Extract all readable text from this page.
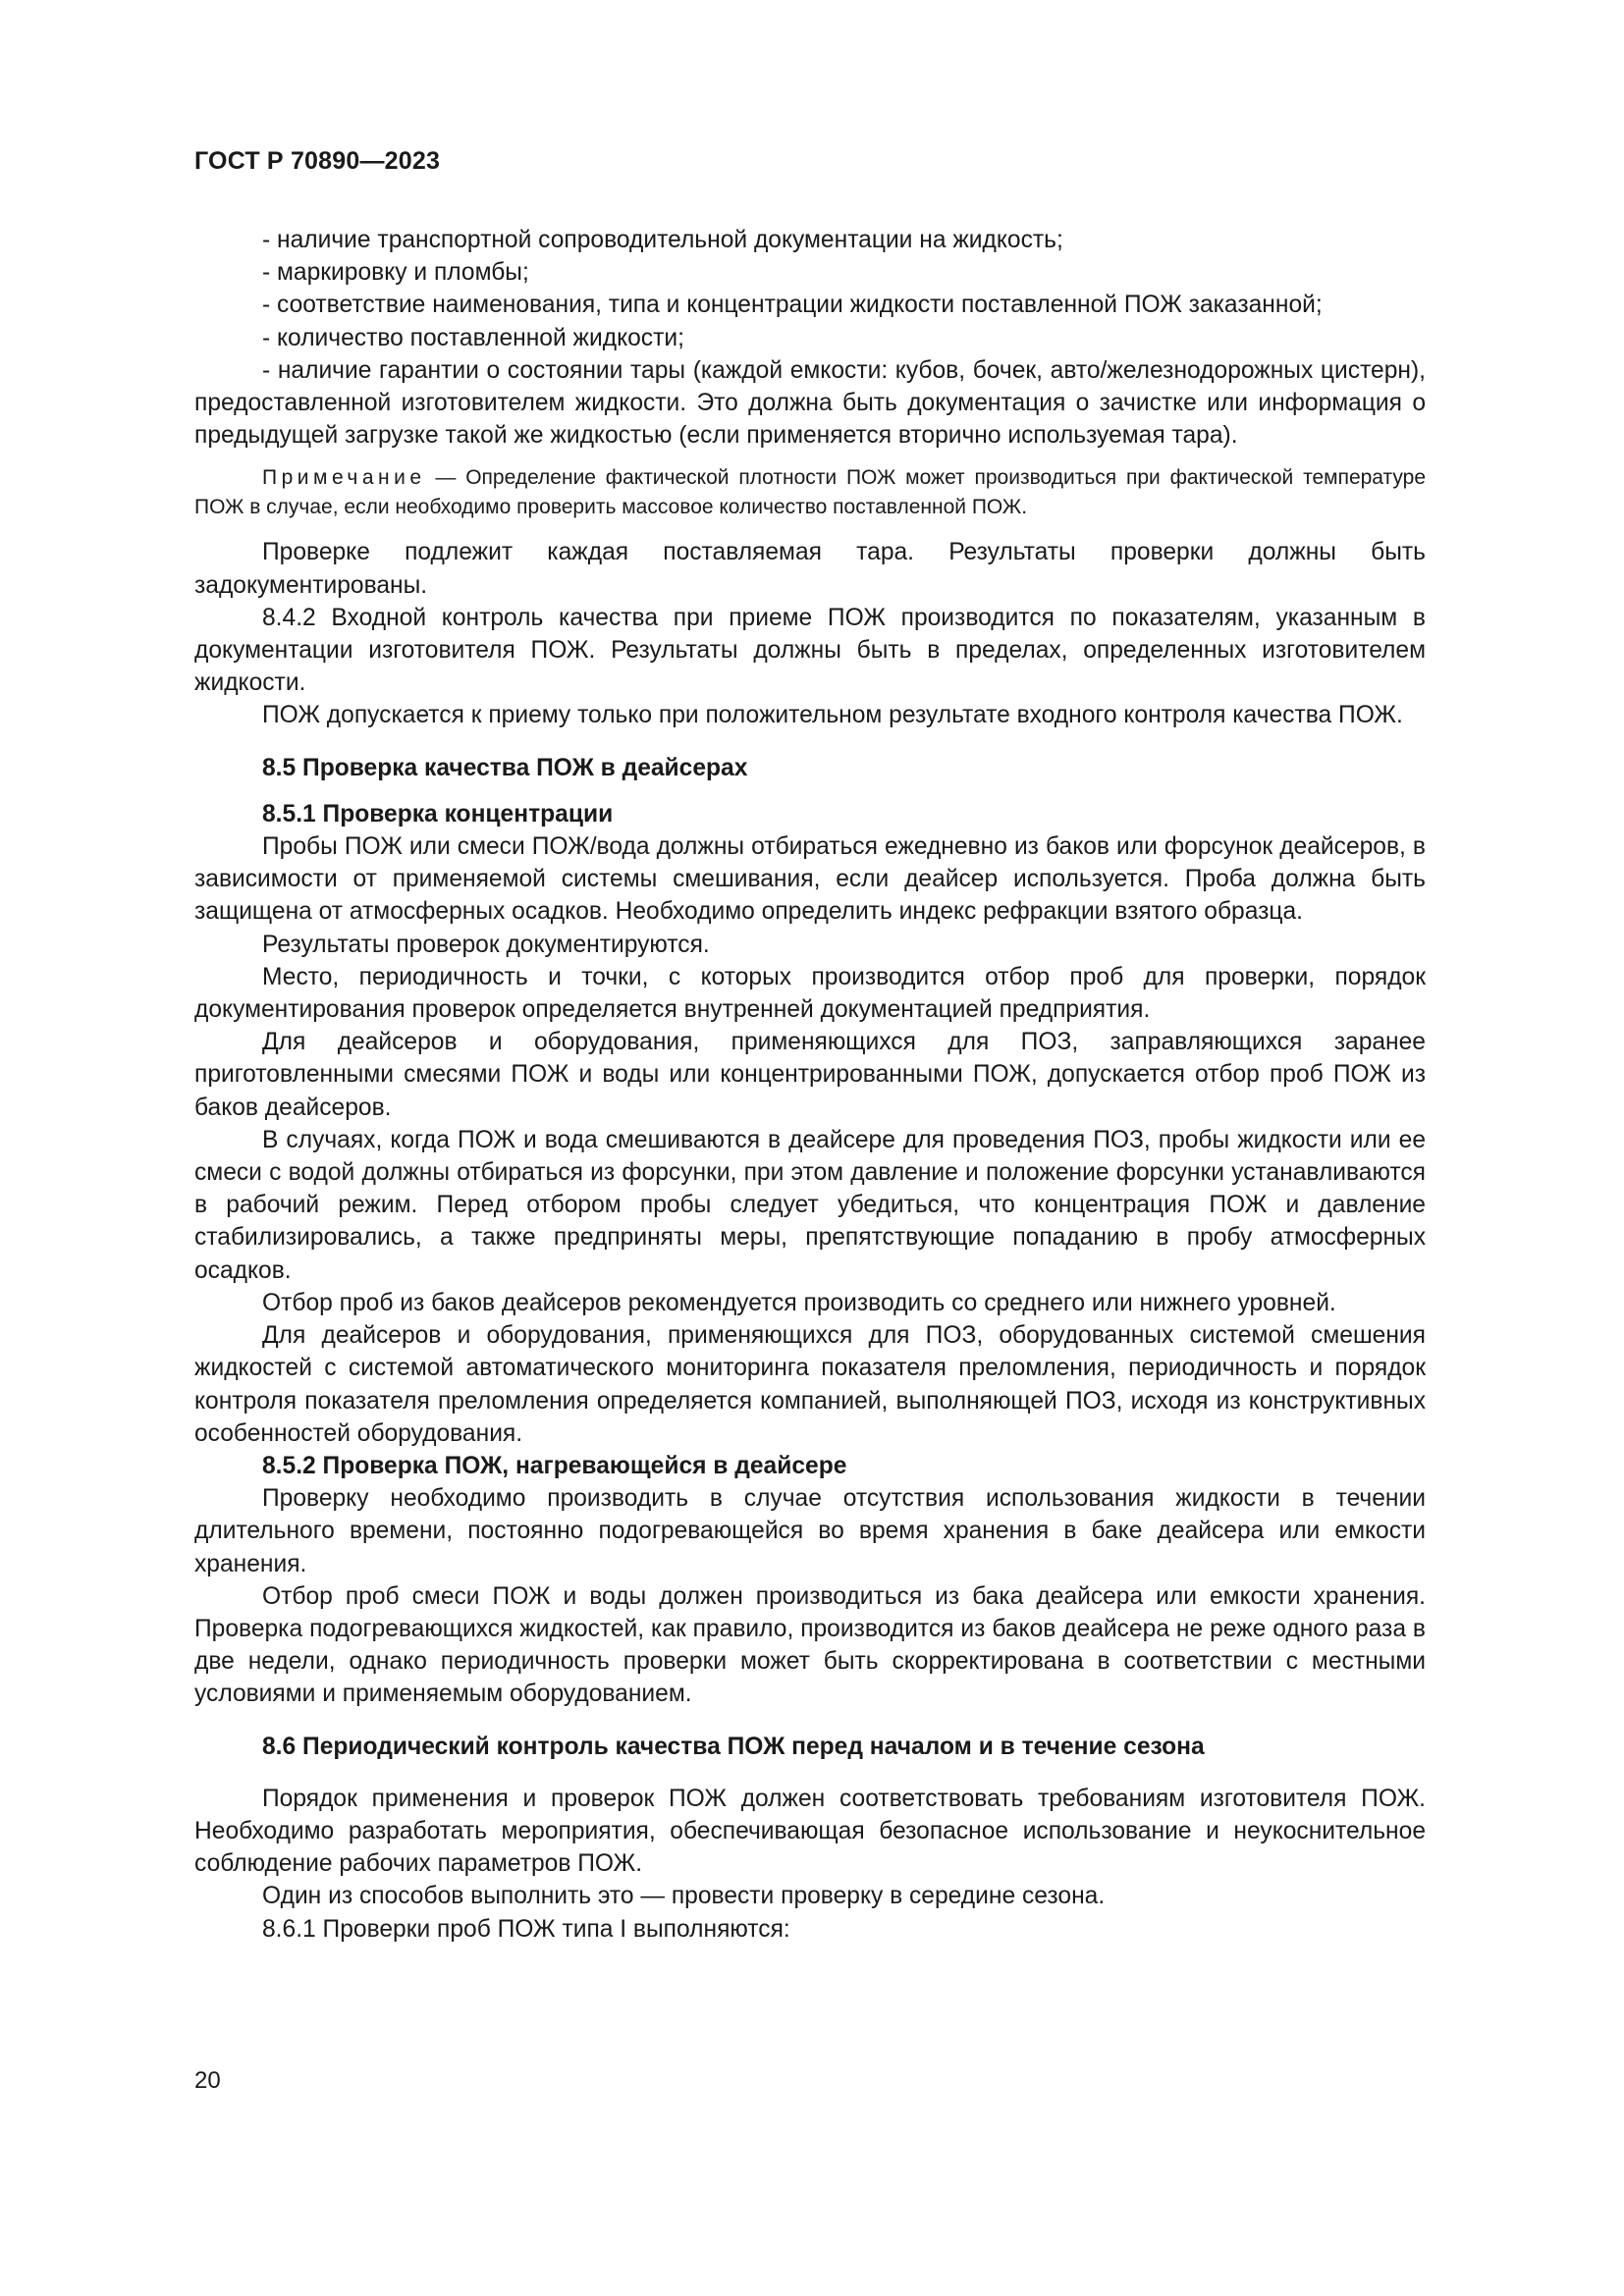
ГОСТ Р 70890—2023

- наличие транспортной сопроводительной документации на жидкость;

- маркировку и пломбы;

- соответствие наименования, типа и концентрации жидкости поставленной ПОЖ заказанной;

- количество поставленной жидкости;

- наличие гарантии о состоянии тары (каждой емкости: кубов, бочек, авто/железнодорожных цистерн), предоставленной изготовителем жидкости. Это должна быть документация о зачистке или информация о предыдущей загрузке такой же жидкостью (если применяется вторично используемая тара).

Примечание — Определение фактической плотности ПОЖ может производиться при фактической температуре ПОЖ в случае, если необходимо проверить массовое количество поставленной ПОЖ.

Проверке подлежит каждая поставляемая тара. Результаты проверки должны быть задокументированы.

8.4.2 Входной контроль качества при приеме ПОЖ производится по показателям, указанным в документации изготовителя ПОЖ. Результаты должны быть в пределах, определенных изготовителем жидкости.

ПОЖ допускается к приему только при положительном результате входного контроля качества ПОЖ.

8.5 Проверка качества ПОЖ в деайсерах
8.5.1 Проверка концентрации

Пробы ПОЖ или смеси ПОЖ/вода должны отбираться ежедневно из баков или форсунок деайсеров, в зависимости от применяемой системы смешивания, если деайсер используется. Проба должна быть защищена от атмосферных осадков. Необходимо определить индекс рефракции взятого образца.

Результаты проверок документируются.

Место, периодичность и точки, с которых производится отбор проб для проверки, порядок документирования проверок определяется внутренней документацией предприятия.

Для деайсеров и оборудования, применяющихся для ПОЗ, заправляющихся заранее приготовленными смесями ПОЖ и воды или концентрированными ПОЖ, допускается отбор проб ПОЖ из баков деайсеров.

В случаях, когда ПОЖ и вода смешиваются в деайсере для проведения ПОЗ, пробы жидкости или ее смеси с водой должны отбираться из форсунки, при этом давление и положение форсунки устанавливаются в рабочий режим. Перед отбором пробы следует убедиться, что концентрация ПОЖ и давление стабилизировались, а также предприняты меры, препятствующие попаданию в пробу атмосферных осадков.

Отбор проб из баков деайсеров рекомендуется производить со среднего или нижнего уровней.

Для деайсеров и оборудования, применяющихся для ПОЗ, оборудованных системой смешения жидкостей с системой автоматического мониторинга показателя преломления, периодичность и порядок контроля показателя преломления определяется компанией, выполняющей ПОЗ, исходя из конструктивных особенностей оборудования.

8.5.2 Проверка ПОЖ, нагревающейся в деайсере

Проверку необходимо производить в случае отсутствия использования жидкости в течении длительного времени, постоянно подогревающейся во время хранения в баке деайсера или емкости хранения.

Отбор проб смеси ПОЖ и воды должен производиться из бака деайсера или емкости хранения. Проверка подогревающихся жидкостей, как правило, производится из баков деайсера не реже одного раза в две недели, однако периодичность проверки может быть скорректирована в соответствии с местными условиями и применяемым оборудованием.

8.6 Периодический контроль качества ПОЖ перед началом и в течение сезона

Порядок применения и проверок ПОЖ должен соответствовать требованиям изготовителя ПОЖ. Необходимо разработать мероприятия, обеспечивающая безопасное использование и неукоснительное соблюдение рабочих параметров ПОЖ.

Один из способов выполнить это — провести проверку в середине сезона.

8.6.1 Проверки проб ПОЖ типа I выполняются:

20
